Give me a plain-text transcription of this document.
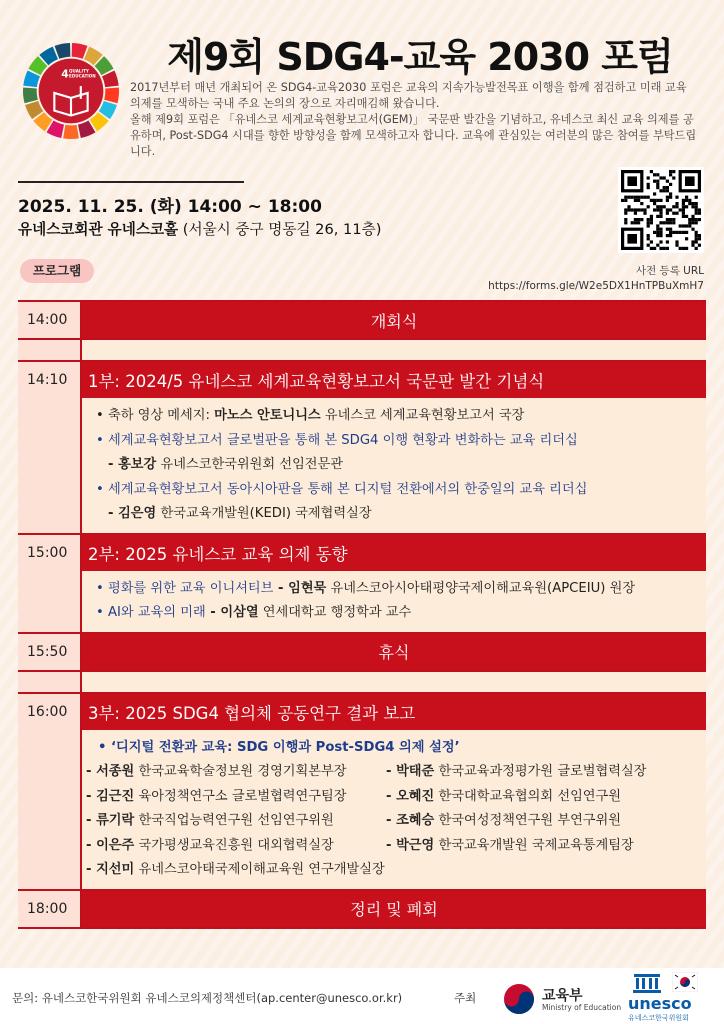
4 QUALITY
EDUCATION	제9회 SDG4-교육 2030 포럼

2017년부터 매년 개최되어 온 SDG4-교육2030 포럼은 교육의 지속가능발전목표 이행을 함께 점검하고 미래 교육 의제를 모색하는 국내 주요 논의의 장으로 자리매김해 왔습니다.

올해 제9회 포럼은 「유네스코 세계교육현황보고서(GEM)」 국문판 발간을 기념하고, 유네스코 최신 교육 의제를 공유하며, Post-SDG4 시대를 향한 방향성을 함께 모색하고자 합니다. 교육에 관심있는 여러분의 많은 참여를 부탁드립니다.

2025. 11. 25. (화) 14:00 ~ 18:00
유네스코회관 유네스코홀 (서울시 중구 명동길 26, 11층)
사전 등록 URL
https://forms.gle/W2e5DX1HnTPBuXmH7
프로그램
14:00	개회식
14:10	1부: 2024/5 유네스코 세계교육현황보고서 국문판 발간 기념식
• 축하 영상 메세지: 마노스 안토니니스 유네스코 세계교육현황보고서 국장
• 세계교육현황보고서 글로벌판을 통해 본 SDG4 이행 현황과 변화하는 교육 리더십
- 홍보강 유네스코한국위원회 선임전문관
• 세계교육현황보고서 동아시아판을 통해 본 디지털 전환에서의 한중일의 교육 리더십
- 김은영 한국교육개발원(KEDI) 국제협력실장
15:00	2부: 2025 유네스코 교육 의제 동향
• 평화를 위한 교육 이니셔티브 - 임현묵 유네스코아시아태평양국제이해교육원(APCEIU) 원장
• AI와 교육의 미래 - 이삼열 연세대학교 행정학과 교수
15:50	휴식
16:00	3부: 2025 SDG4 협의체 공동연구 결과 보고
• ‘디지털 전환과 교육: SDG 이행과 Post-SDG4 의제 설정’
- 서종원 한국교육학술정보원 경영기획본부장	- 박태준 한국교육과정평가원 글로벌협력실장
- 김근진 육아정책연구소 글로벌협력연구팀장	- 오혜진 한국대학교육협의회 선임연구원
- 류기락 한국직업능력연구원 선임연구위원	- 조혜승 한국여성정책연구원 부연구위원
- 이은주 국가평생교육진흥원 대외협력실장	- 박근영 한국교육개발원 국제교육통계팀장
- 지선미 유네스코아태국제이해교육원 연구개발실장
18:00	정리 및 폐회
문의: 유네스코한국위원회 유네스코의제정책센터(ap.center@unesco.or.kr)	주최	교육부
Ministry of Education unesco
유네스코한국위원회
